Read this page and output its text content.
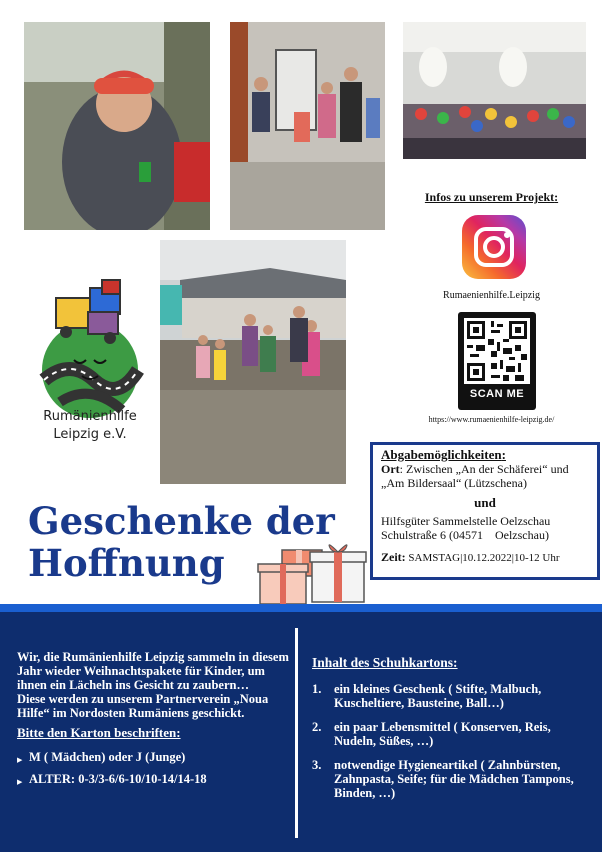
Rumänienhilfe
Leipzig e.V.
Infos zu unserem Projekt:
Rumaenienhilfe.Leipzig
SCAN ME
https://www.rumaenienhilfe-leipzig.de/
Abgabemöglichkeiten:
Ort: Zwischen „An der Schäferei“ und „Am Bildersaal“ (Lützschena)
und
Hilfsgüter Sammelstelle Oelzschau
Schulstraße 6 (04571    Oelzschau)
Zeit: SAMSTAG|10.12.2022|10-12 Uhr
Geschenke der
Hoffnung
Wir, die Rumänienhilfe Leipzig sammeln in diesem Jahr wieder Weihnachtspakete für Kinder, um ihnen ein Lächeln ins Gesicht zu zaubern…
Diese werden zu unserem Partnerverein „Noua Hilfe“ im Nordosten Rumäniens geschickt.
Bitte den Karton beschriften:
▶ M ( Mädchen) oder J (Junge)
▶ ALTER: 0-3/3-6/6-10/10-14/14-18
Inhalt des Schuhkartons:
1. ein kleines Geschenk ( Stifte, Malbuch, Kuscheltiere, Bausteine, Ball…)
2. ein paar Lebensmittel ( Konserven, Reis, Nudeln, Süßes, …)
3. notwendige Hygieneartikel ( Zahnbürsten, Zahnpasta, Seife; für die Mädchen Tampons, Binden, …)
